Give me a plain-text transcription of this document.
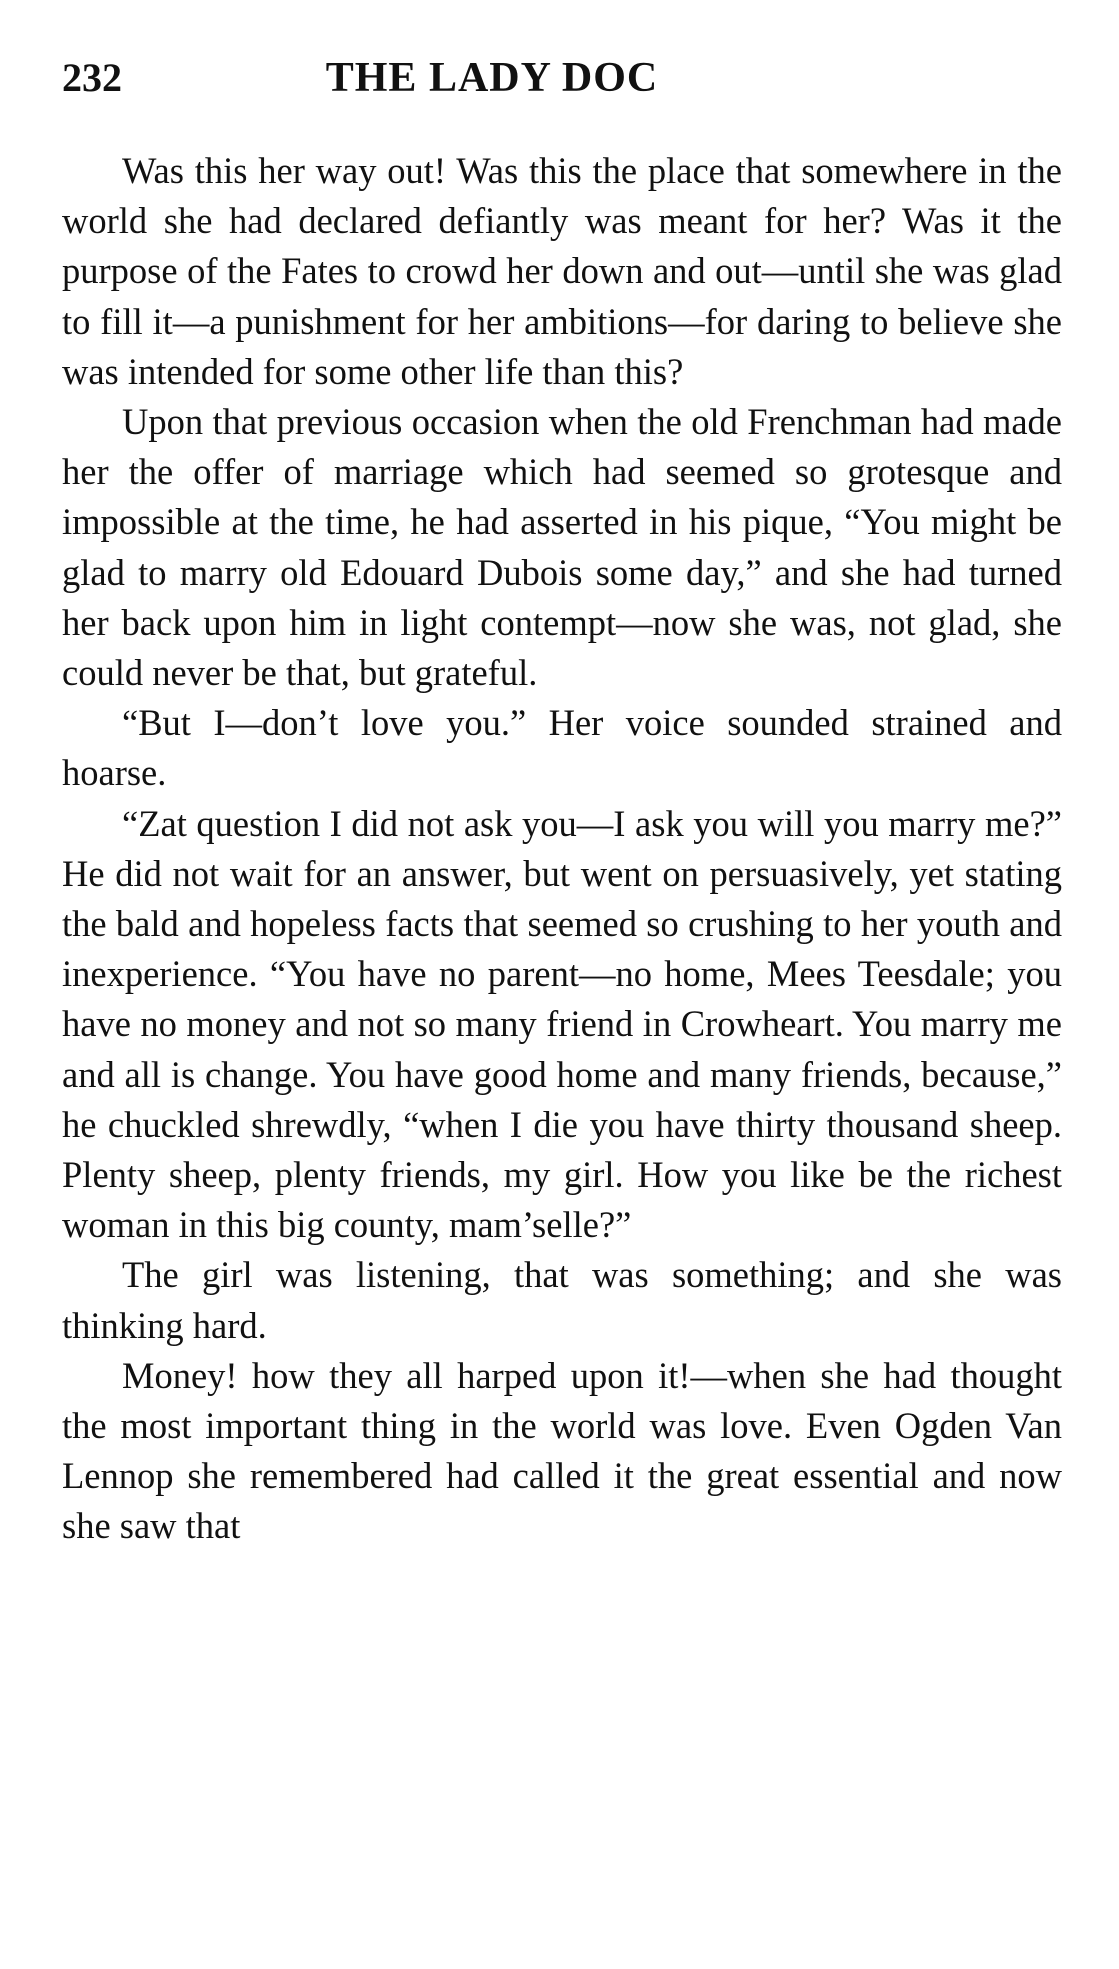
232	THE LADY DOC

Was this her way out! Was this the place that somewhere in the world she had declared defiantly was meant for her? Was it the purpose of the Fates to crowd her down and out—until she was glad to fill it—a punishment for her ambitions—for daring to believe she was intended for some other life than this?

Upon that previous occasion when the old Frenchman had made her the offer of marriage which had seemed so grotesque and impossible at the time, he had asserted in his pique, “You might be glad to marry old Edouard Dubois some day,” and she had turned her back upon him in light contempt—now she was, not glad, she could never be that, but grateful.

“But I—don’t love you.” Her voice sounded strained and hoarse.

“Zat question I did not ask you—I ask you will you marry me?” He did not wait for an answer, but went on persuasively, yet stating the bald and hopeless facts that seemed so crushing to her youth and inexperience. “You have no parent—no home, Mees Teesdale; you have no money and not so many friend in Crowheart. You marry me and all is change. You have good home and many friends, because,” he chuckled shrewdly, “when I die you have thirty thousand sheep. Plenty sheep, plenty friends, my girl. How you like be the richest woman in this big county, mam’selle?”

The girl was listening, that was something; and she was thinking hard.

Money! how they all harped upon it!—when she had thought the most important thing in the world was love. Even Ogden Van Lennop she remembered had called it the great essential and now she saw that
